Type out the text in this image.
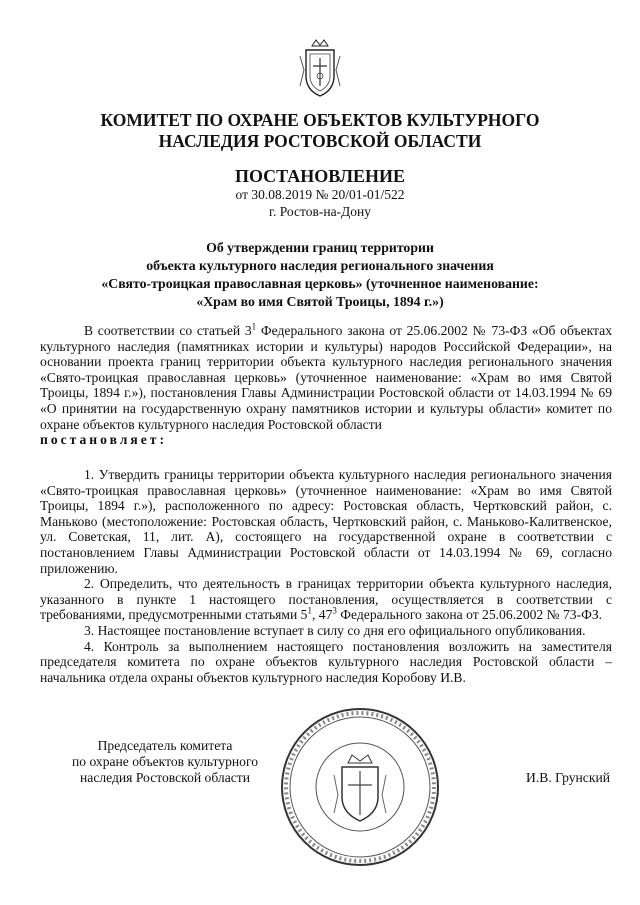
КОМИТЕТ ПО ОХРАНЕ ОБЪЕКТОВ КУЛЬТУРНОГО
НАСЛЕДИЯ РОСТОВСКОЙ ОБЛАСТИ
ПОСТАНОВЛЕНИЕ
от 30.08.2019 № 20/01-01/522
г. Ростов-на-Дону
Об утверждении границ территории
объекта культурного наследия регионального значения
«Свято-троицкая православная церковь» (уточненное наименование:
«Храм во имя Святой Троицы, 1894 г.»)
В соответствии со статьей $3^1$ Федерального закона от 25.06.2002 № 73-ФЗ «Об объектах культурного наследия (памятниках истории и культуры) народов Российской Федерации», на основании проекта границ территории объекта культурного наследия регионального значения «Свято-троицкая православная церковь» (уточненное наименование: «Храм во имя Святой Троицы, 1894 г.»), постановления Главы Администрации Ростовской области от 14.03.1994 № 69 «О принятии на государственную охрану памятников истории и культуры области» комитет по охране объектов культурного наследия Ростовской области
постановляет:

1. Утвердить границы территории объекта культурного наследия регионального значения «Свято-троицкая православная церковь» (уточненное наименование: «Храм во имя Святой Троицы, 1894 г.»), расположенного по адресу: Ростовская область, Чертковский район, с. Маньково (местоположение: Ростовская область, Чертковский район, с. Маньково-Калитвенское, ул. Советская, 11, лит. А), состоящего на государственной охране в соответствии с постановлением Главы Администрации Ростовской области от 14.03.1994 № 69, согласно приложению.

2. Определить, что деятельность в границах территории объекта культурного наследия, указанного в пункте 1 настоящего постановления, осуществляется в соответствии с требованиями, предусмотренными статьями $5^1$, $47^3$ Федерального закона от 25.06.2002 № 73-ФЗ.

3. Настоящее постановление вступает в силу со дня его официального опубликования.

4. Контроль за выполнением настоящего постановления возложить на заместителя председателя комитета по охране объектов культурного наследия Ростовской области – начальника отдела охраны объектов культурного наследия Коробову И.В.

Председатель комитета
по охране объектов культурного
наследия Ростовской области	И.В. Грунский
